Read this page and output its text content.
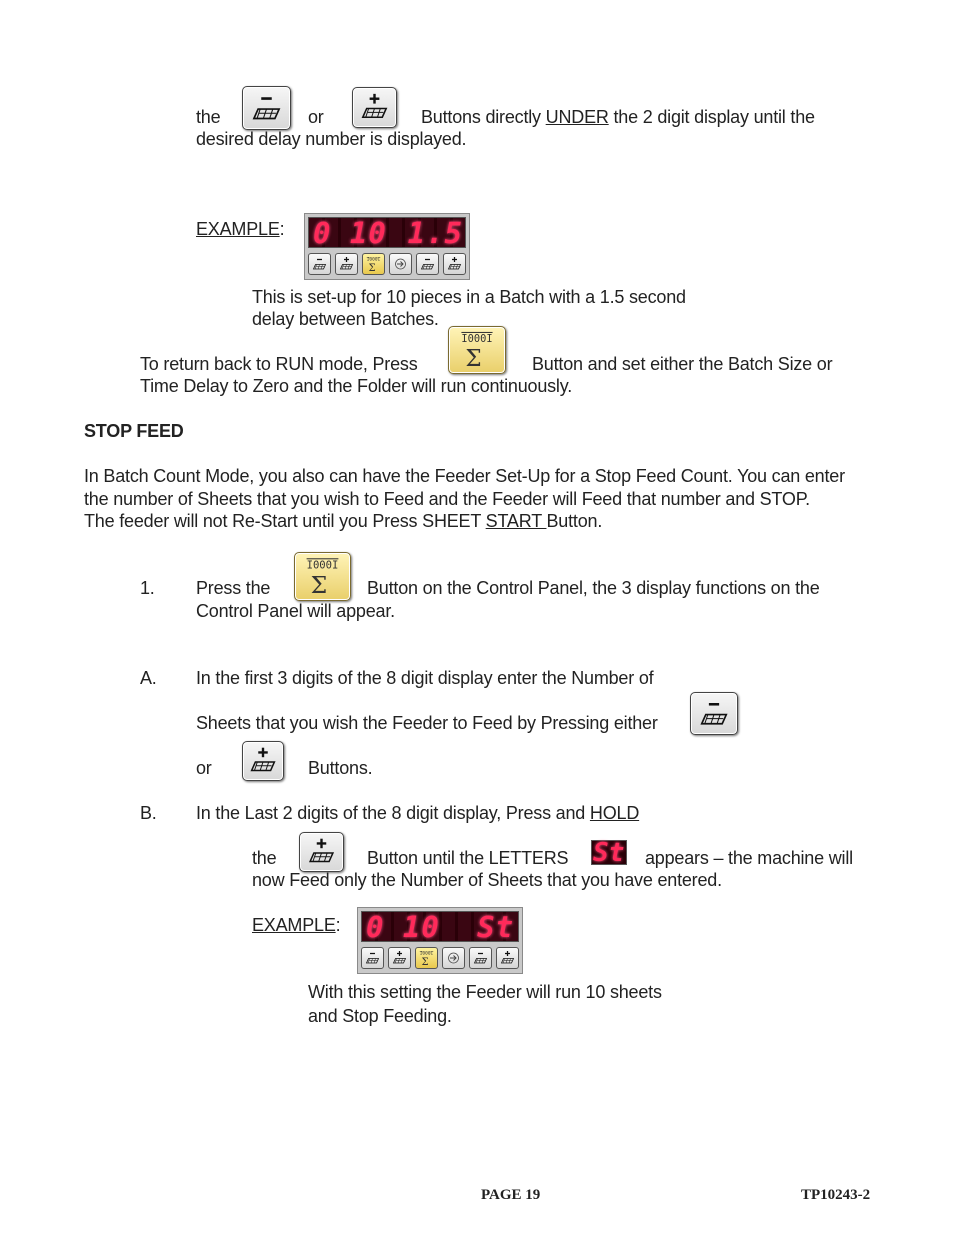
the	or	Buttons directly UNDER the 2 digit display until the
desired delay number is displayed.
EXAMPLE: 0 10 1.5
This is set-up for 10 pieces in a Batch with a 1.5 second
delay between Batches.
To return back to RUN mode, Press	Button and set either the Batch Size or
Time Delay to Zero and the Folder will run continuously.
STOP FEED
In Batch Count Mode, you also can have the Feeder Set-Up for a Stop Feed Count. You can enter
the number of Sheets that you wish to Feed and the Feeder will Feed that number and STOP.
The feeder will not Re-Start until you Press SHEET START Button.
1. Press the	Button on the Control Panel, the 3 display functions on the
Control Panel will appear.
A. In the first 3 digits of the 8 digit display enter the Number of
Sheets that you wish the Feeder to Feed by Pressing either
or	Buttons.
B. In the Last 2 digits of the 8 digit display, Press and HOLD
the	Button until the LETTERS St appears – the machine will
now Feed only the Number of Sheets that you have entered.
EXAMPLE: 0 10 St
With this setting the Feeder will run 10 sheets
and Stop Feeding.
PAGE 19	TP10243-2
